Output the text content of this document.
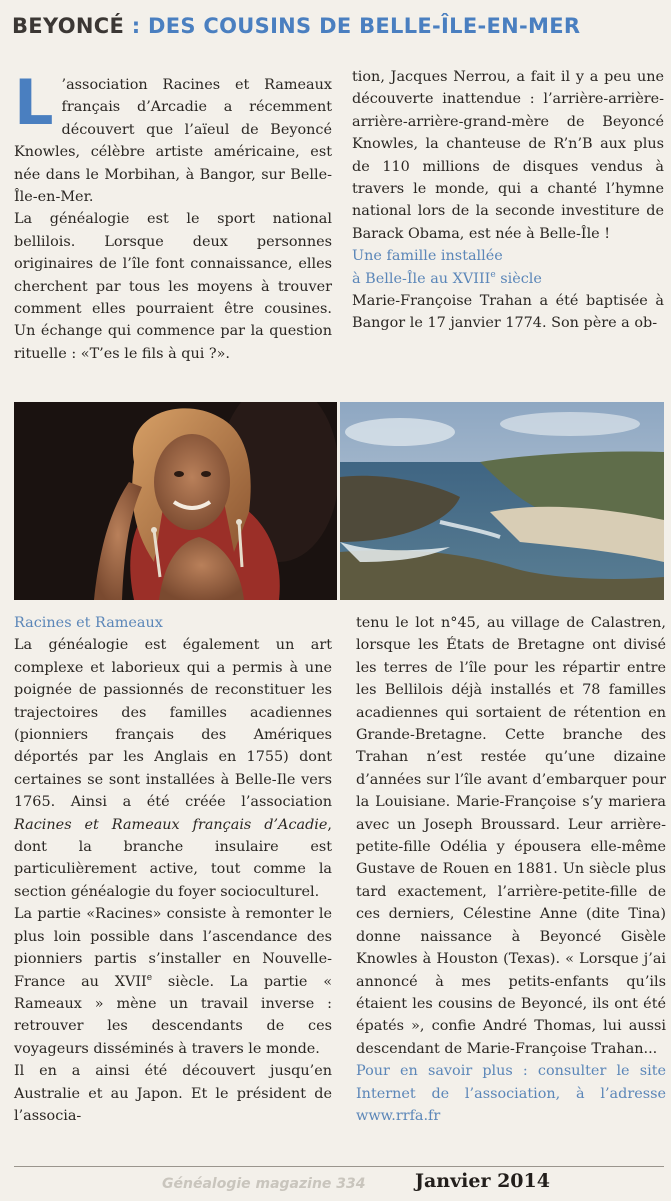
BEYONCÉ : DES COUSINS DE BELLE-ÎLE-EN-MER

L ’association Racines et Rameaux français d’Arcadie a récemment découvert que l’aïeul de Beyoncé Knowles, célèbre artiste américaine, est née dans le Morbihan, à Bangor, sur Belle-Île-en-Mer.

La généalogie est le sport national bellilois. Lorsque deux personnes originaires de l’île font connaissance, elles cherchent par tous les moyens à trouver comment elles pourraient être cousines. Un échange qui commence par la question rituelle : «T’es le fils à qui ?».

tion, Jacques Nerrou, a fait il y a peu une découverte inattendue : l’arrière-arrière-arrière-arrière-grand-mère de Beyoncé Knowles, la chanteuse de R’n’B aux plus de 110 millions de disques vendus à travers le monde, qui a chanté l’hymne national lors de la seconde investiture de Barack Obama, est née à Belle-Île !

Une famille installée
à Belle-Île au XVIIIe siècle

Marie-Françoise Trahan a été baptisée à Bangor le 17 janvier 1774. Son père a ob-

Racines et Rameaux

La généalogie est également un art complexe et laborieux qui a permis à une poignée de passionnés de reconstituer les trajectoires des familles acadiennes (pionniers français des Amériques déportés par les Anglais en 1755) dont certaines se sont installées à Belle-Ile vers 1765. Ainsi a été créée l’association Racines et Rameaux français d’Acadie, dont la branche insulaire est particulièrement active, tout comme la section généalogie du foyer socioculturel.

La partie «Racines» consiste à remonter le plus loin possible dans l’ascendance des pionniers partis s’installer en Nouvelle-France au XVIIe siècle. La partie « Rameaux » mène un travail inverse : retrouver les descendants de ces voyageurs disséminés à travers le monde.

Il en a ainsi été découvert jusqu’en Australie et au Japon. Et le président de l’associa-

tenu le lot n°45, au village de Calastren, lorsque les États de Bretagne ont divisé les terres de l’île pour les répartir entre les Bellilois déjà installés et 78 familles acadiennes qui sortaient de rétention en Grande-Bretagne. Cette branche des Trahan n’est restée qu’une dizaine d’années sur l’île avant d’embarquer pour la Louisiane. Marie-Françoise s’y mariera avec un Joseph Broussard. Leur arrière-petite-fille Odélia y épousera elle-même Gustave de Rouen en 1881. Un siècle plus tard exactement, l’arrière-petite-fille de ces derniers, Célestine Anne (dite Tina) donne naissance à Beyoncé Gisèle Knowles à Houston (Texas). « Lorsque j’ai annoncé à mes petits-enfants qu’ils étaient les cousins de Beyoncé, ils ont été épatés », confie André Thomas, lui aussi descendant de Marie-Françoise Trahan...

Pour en savoir plus : consulter le site Internet de l’association, à l’adresse www.rrfa.fr

Généalogie magazine 334	Janvier 2014
